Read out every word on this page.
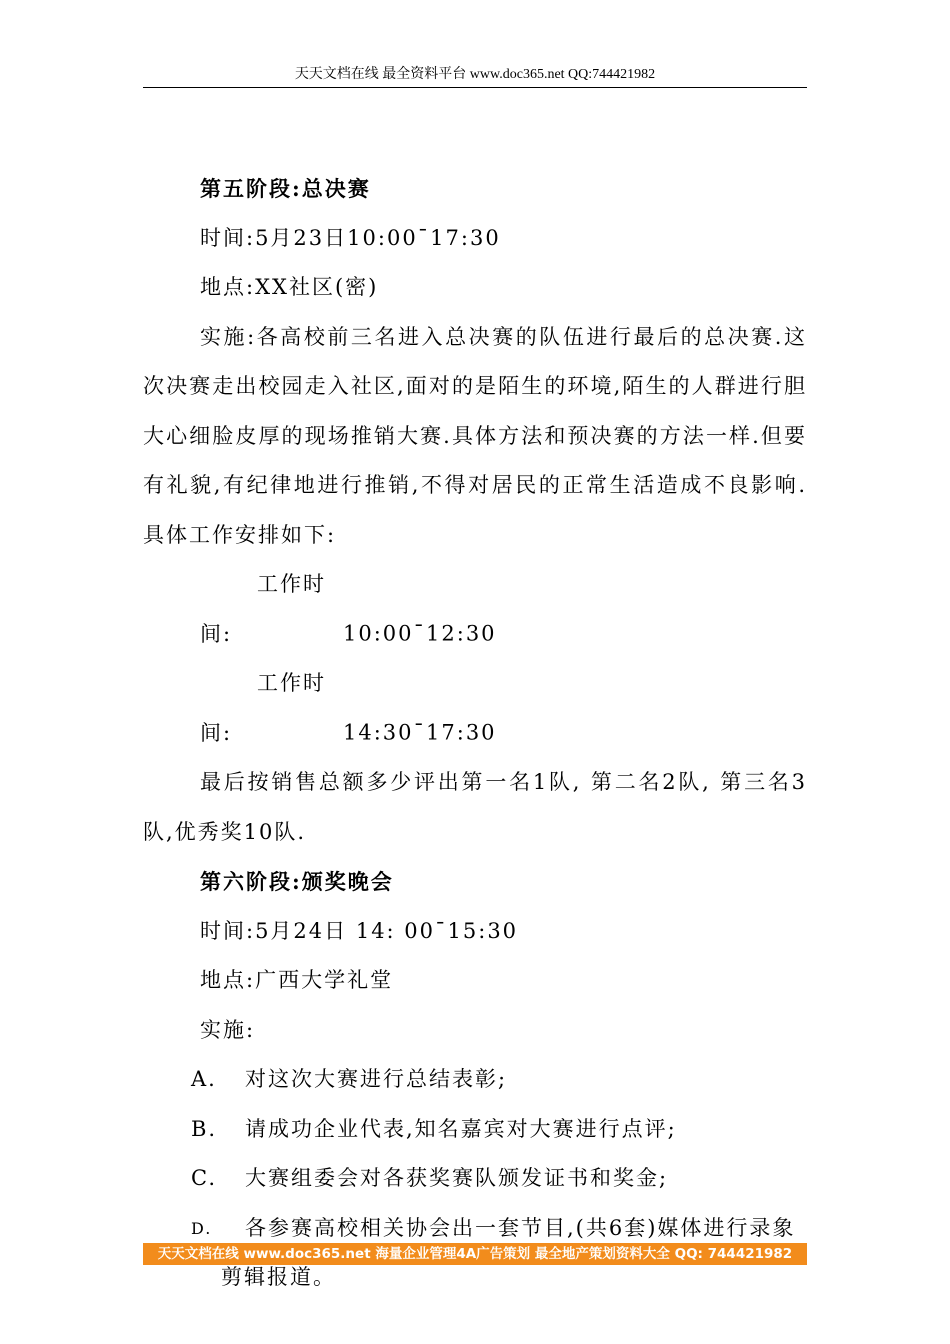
天天文档在线 最全资料平台 www.doc365.net QQ:744421982

第五阶段:总决赛

时间:5月23日10:00¯17:30

地点:XX社区(密)

实施:各高校前三名进入总决赛的队伍进行最后的总决赛.这次决赛走出校园走入社区,面对的是陌生的环境,陌生的人群进行胆大心细脸皮厚的现场推销大赛.具体方法和预决赛的方法一样.但要有礼貌,有纪律地进行推销,不得对居民的正常生活造成不良影响.具体工作安排如下:

工作时间:	10:00¯12:30

工作时间:	14:30¯17:30

最后按销售总额多少评出第一名1队, 第二名2队, 第三名3队,优秀奖10队.

第六阶段:颁奖晚会

时间:5月24日 14: 00¯15:30

地点:广西大学礼堂

实施:

A. 对这次大赛进行总结表彰;
B. 请成功企业代表,知名嘉宾对大赛进行点评;
C. 大赛组委会对各获奖赛队颁发证书和奖金;
D. 各参赛高校相关协会出一套节目,(共6套)媒体进行录象

剪辑报道。

天天文档在线 www.doc365.net 海量企业管理4A广告策划 最全地产策划资料大全 QQ: 744421982
